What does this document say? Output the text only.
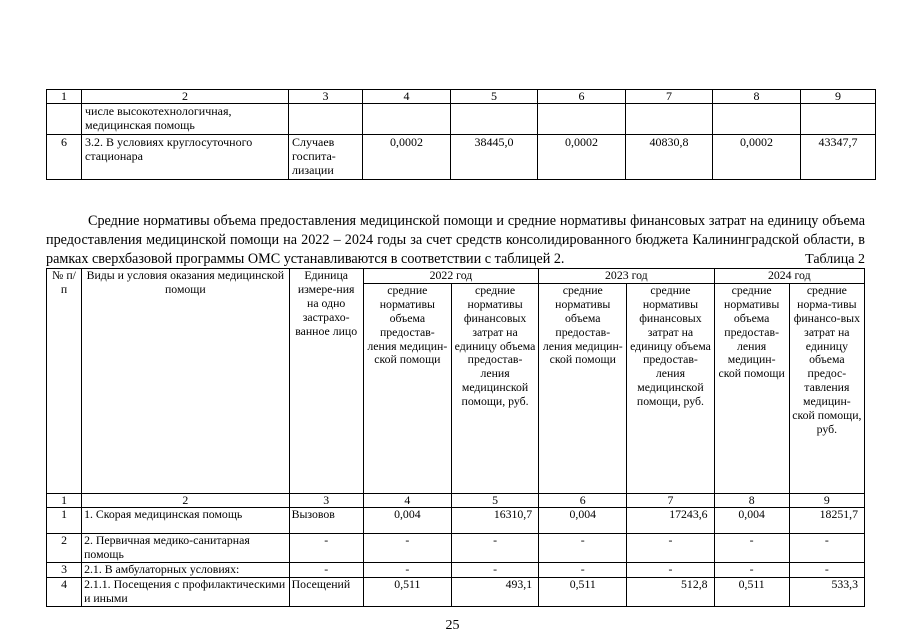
1	2	3	4	5	6	7	8	9
	числе высокотехнологичная, медицинская помощь							
6	3.2. В условиях круглосуточного стационара	Случаев госпита-лизации	0,0002	38445,0	0,0002	40830,8	0,0002	43347,7

Средние нормативы объема предоставления медицинской помощи и средние нормативы финансовых затрат на единицу объема предоставления медицинской помощи на 2022 – 2024 годы за счет средств консолидированного бюджета Калининградской области, в рамках сверхбазовой программы ОМС устанавливаются в соответствии с таблицей 2.	Таблица 2
№ п/п	Виды и условия оказания медицинской помощи	Единица измере-ния на одно застрахо-ванное лицо	2022 год		2023 год		2024 год	
			средние нормативы объема предостав-ления медицин-ской помощи	средние нормативы финансовых затрат на единицу объема предостав-ления медицинской помощи, руб.	средние нормативы объема предостав-ления медицин-ской помощи	средние нормативы финансовых затрат на единицу объема предостав-ления медицинской помощи, руб.	средние нормативы объема предостав-ления медицин-ской помощи	средние норма-тивы финансо-вых затрат на единицу объема предос-тавления медицин-ской помощи, руб.
1	2	3	4	5	6	7	8	9
1	1. Скорая медицинская помощь	Вызовов	0,004	16310,7	0,004	17243,6	0,004	18251,7
2	2. Первичная медико-санитарная помощь	-	-	-	-	-	-	-
3	2.1. В амбулаторных условиях:	-	-	-	-	-	-	-
4	2.1.1. Посещения с профилактическими и иными	Посещений	0,511	493,1	0,511	512,8	0,511	533,3
25
